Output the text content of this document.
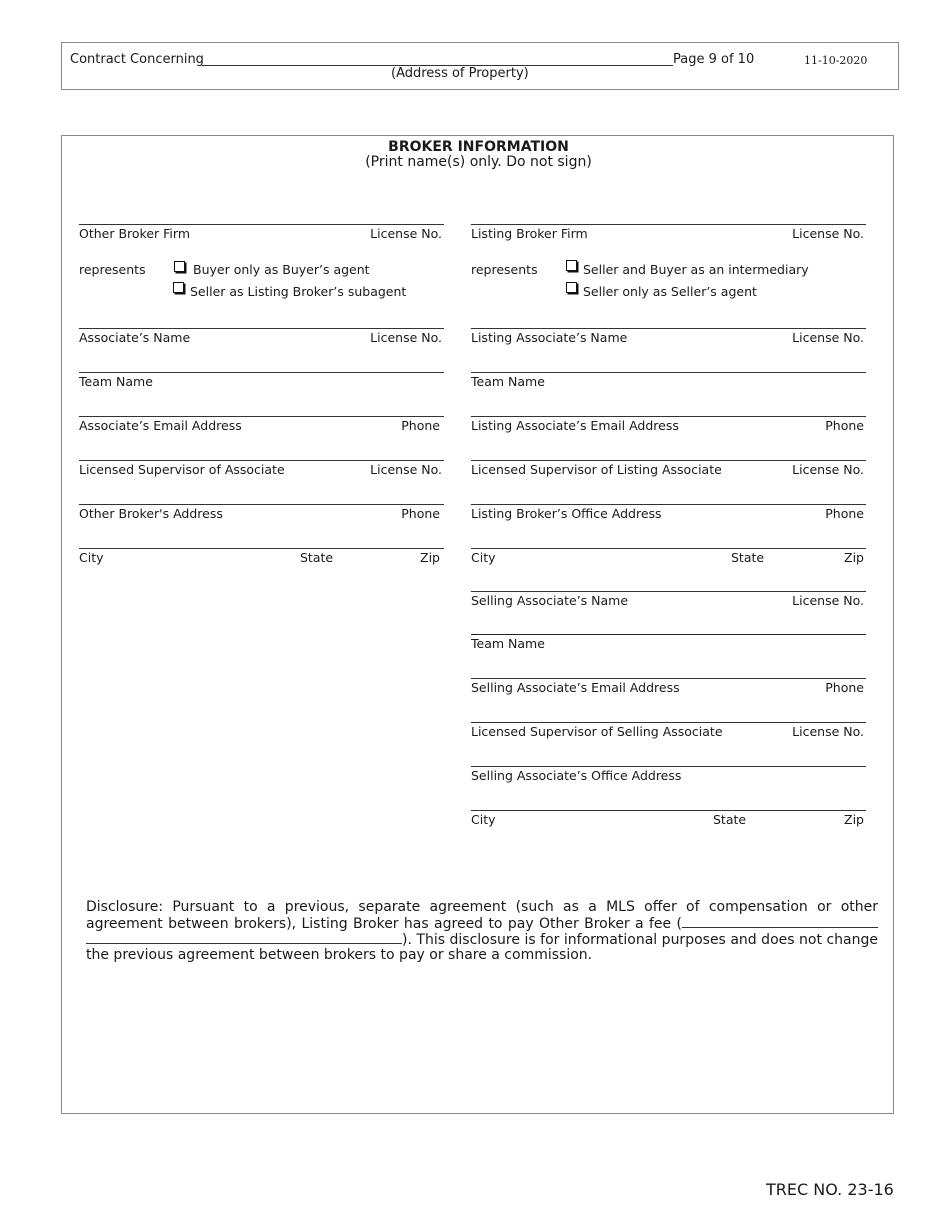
Contract Concerning
(Address of Property)
Page 9 of 10	11-10-2020
BROKER INFORMATION
(Print name(s) only. Do not sign)
Other Broker Firm	License No.
represents	Buyer only as Buyer’s agent
Seller as Listing Broker’s subagent
Associate’s Name	License No.
Team Name
Associate’s Email Address	Phone
Licensed Supervisor of Associate	License No.
Other Broker's Address	Phone
City	State	Zip
Listing Broker Firm	License No.
represents	Seller and Buyer as an intermediary
Seller only as Seller’s agent
Listing Associate’s Name	License No.
Team Name
Listing Associate’s Email Address	Phone
Licensed Supervisor of Listing Associate	License No.
Listing Broker’s Office Address	Phone
City	State	Zip
Selling Associate’s Name	License No.
Team Name
Selling Associate’s Email Address	Phone
Licensed Supervisor of Selling Associate	License No.
Selling Associate’s Office Address
City	State	Zip
Disclosure: Pursuant to a previous, separate agreement (such as a MLS offer of compensation or other agreement between brokers), Listing Broker has agreed to pay Other Broker a fee ( ). This disclosure is for informational purposes and does not change the previous agreement between brokers to pay or share a commission.
TREC NO. 23-16
